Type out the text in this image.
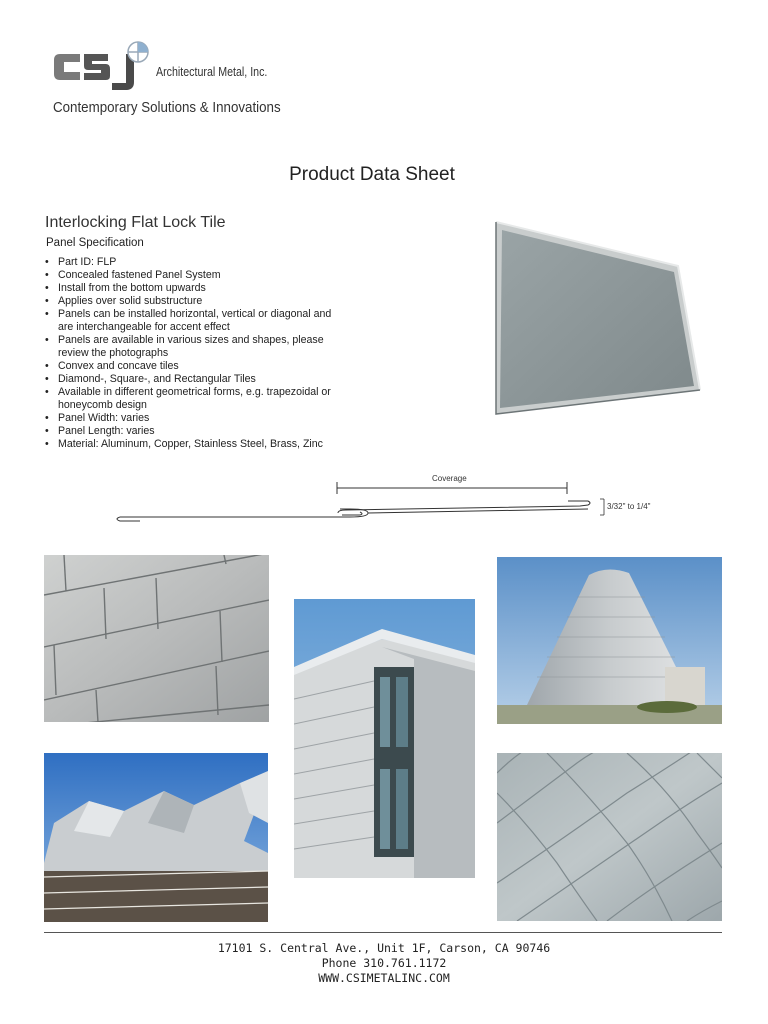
Architectural Metal, Inc.
Contemporary Solutions & Innovations
Product Data Sheet
Interlocking Flat Lock Tile
Panel Specification
• Part ID: FLP
• Concealed fastened Panel System
• Install from the bottom upwards
• Applies over solid substructure
• Panels can be installed horizontal, vertical or diagonal and are interchangeable for accent effect
• Panels are available in various sizes and shapes, please review the photographs
• Convex and concave tiles
• Diamond-, Square-, and Rectangular Tiles
• Available in different geometrical forms, e.g. trapezoidal or honeycomb design
• Panel Width: varies
• Panel Length: varies
• Material: Aluminum, Copper, Stainless Steel, Brass, Zinc
Coverage
3/32" to 1/4"
17101 S. Central Ave., Unit 1F, Carson, CA 90746
Phone 310.761.1172
WWW.CSIMETALINC.COM
